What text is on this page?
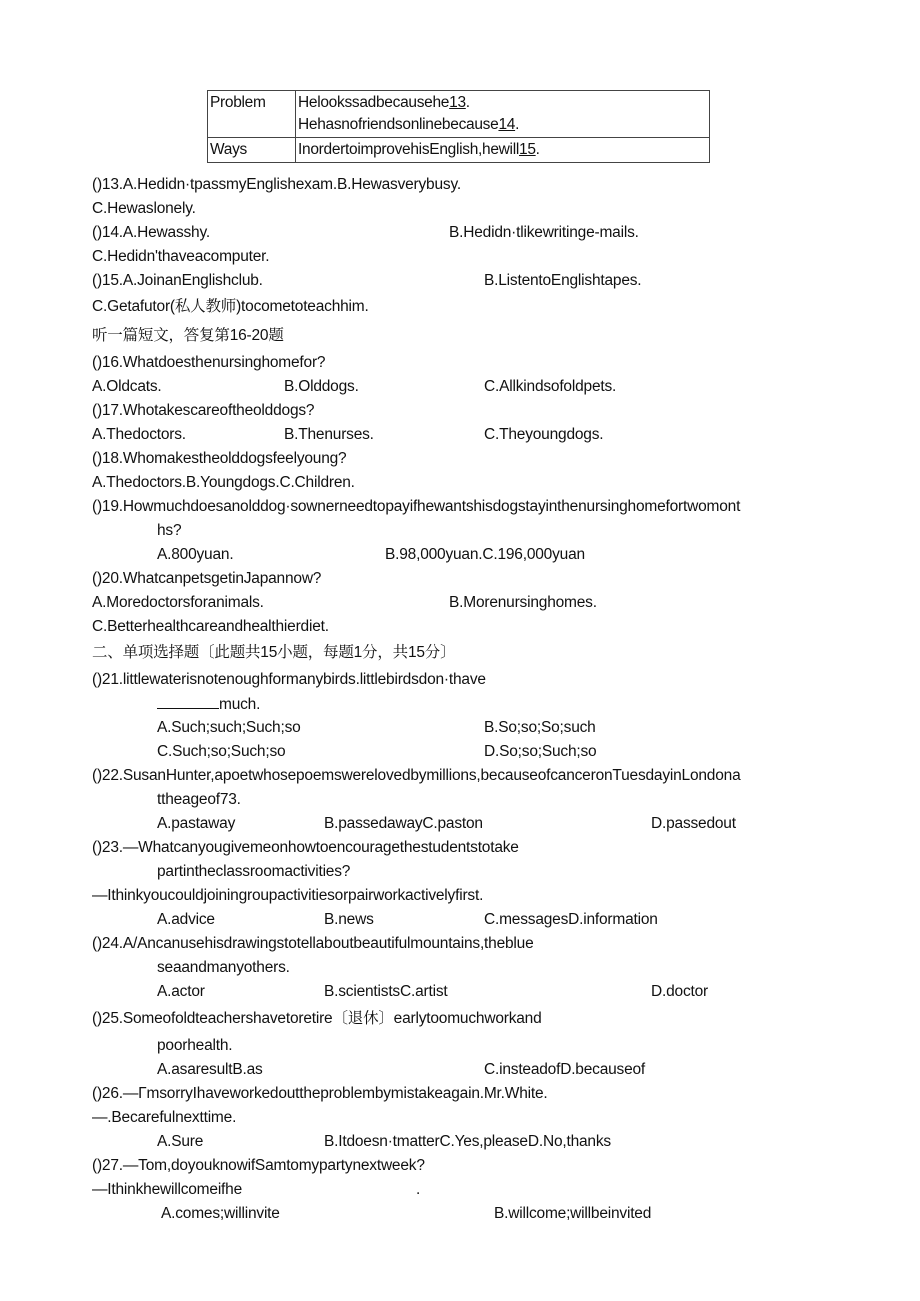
Problem	Helookssadbecausehe13.
Hehasnofriendsonlinebecause14.

Ways	InordertoimprovehisEnglish,hewill15.
()13.A.Hedidn·tpassmyEnglishexam.B.Hewasverybusy.
C.Hewaslonely.
()14.A.Hewasshy.	B.Hedidn·tlikewritinge-mails.
C.Hedidn'thaveacomputer.
()15.A.JoinanEnglishclub.	B.ListentoEnglishtapes.
C.Getafutor(私人教师)tocometoteachhim.
听一篇短文，答复第16-20题
()16.Whatdoesthenursinghomefor?
A.Oldcats.	B.Olddogs.	C.Allkindsofoldpets.
()17.Whotakescareoftheolddogs?
A.Thedoctors.	B.Thenurses.	C.Theyoungdogs.
()18.Whomakestheolddogsfeelyoung?
A.Thedoctors.B.Youngdogs.C.Children.
()19.Howmuchdoesanolddog·sownerneedtopayifhewantshisdogstayinthenursinghomefortwomont
hs?
A.800yuan.	B.98,000yuan.C.196,000yuan
()20.WhatcanpetsgetinJapannow?
A.Moredoctorsforanimals.	B.Morenursinghomes.
C.Betterhealthcareandhealthierdiet.
二、单项选择题〔此题共15小题，每题1分，共15分〕
()21.littlewaterisnotenoughformanybirds.littlebirdsdon·thave
much.
A.Such;such;Such;so	B.So;so;So;such
C.Such;so;Such;so	D.So;so;Such;so
()22.SusanHunter,apoetwhosepoemswerelovedbymillions,becauseofcanceronTuesdayinLondona
ttheageof73.
A.pastaway	B.passedawayC.paston	D.passedout
()23.—Whatcanyougivemeonhowtoencouragethestudentstotake
partintheclassroomactivities?
—Ithinkyoucouldjoiningroupactivitiesorpairworkactivelyfirst.
A.advice	B.news	C.messagesD.information
()24.A/Ancanusehisdrawingstotellaboutbeautifulmountains,theblue
seaandmanyothers.
A.actor	B.scientistsC.artist	D.doctor
()25.Someofoldteachershavetoretire〔退休〕earlytoomuchworkand
poorhealth.
A.asaresultB.as	C.insteadofD.becauseof
()26.—ΓmsorryIhaveworkedouttheproblembymistakeagain.Mr.White.
—.Becarefulnexttime.
A.Sure	B.Itdoesn·tmatterC.Yes,pleaseD.No,thanks
()27.—Tom,doyouknowifSamtomypartynextweek?
—Ithinkhewillcomeifhe	.
A.comes;willinvite	B.willcome;willbeinvited
